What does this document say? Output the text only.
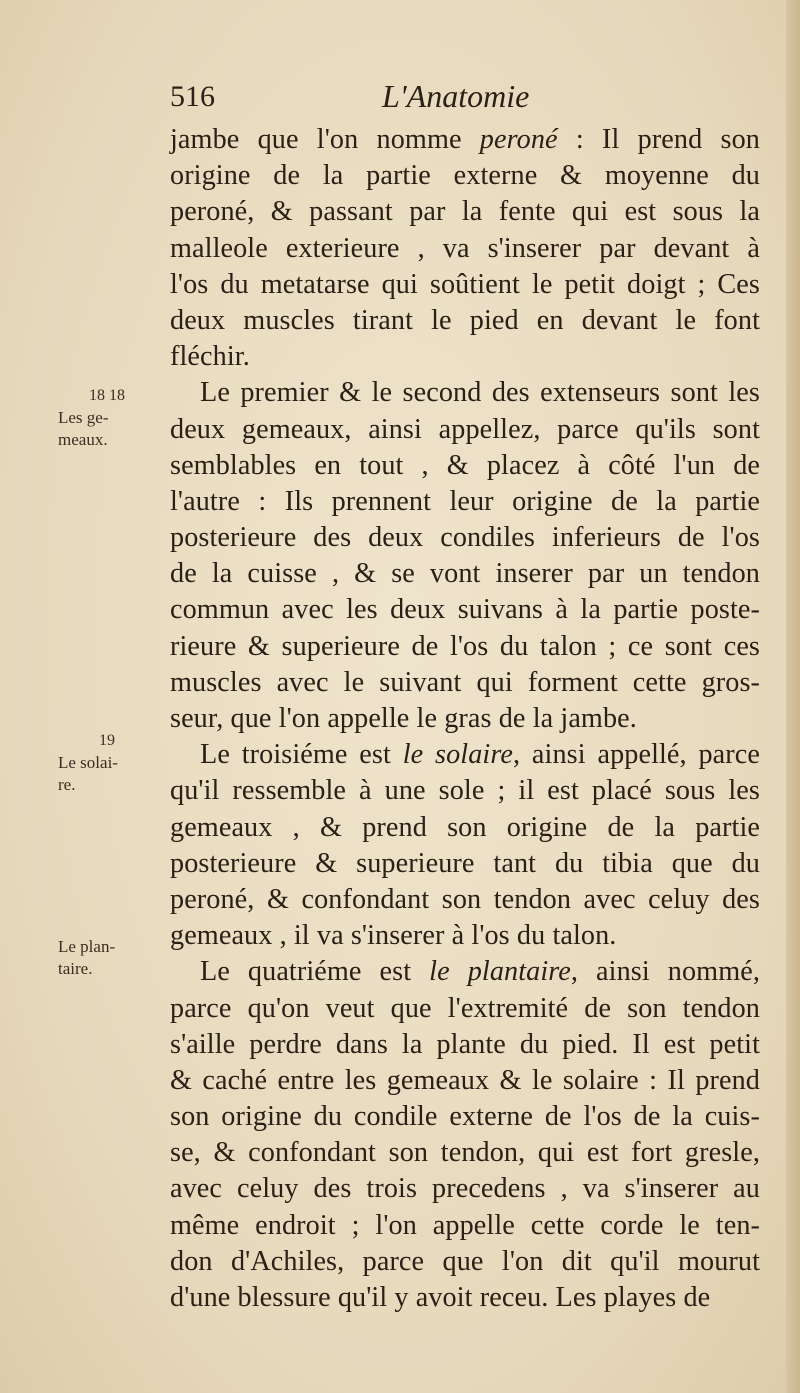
516	L'Anatomie
18 18
Les ge-
meaux.
19
Le solai-
re.
Le plan-
taire.
jambe que l'on nomme peroné : Il prend son
origine de la partie externe & moyenne du
peroné, & passant par la fente qui est sous la
malleole exterieure , va s'inserer par devant à
l'os du metatarse qui soûtient le petit doigt ; Ces
deux muscles tirant le pied en devant le font
fléchir.
Le premier & le second des extenseurs sont les
deux gemeaux, ainsi appellez, parce qu'ils sont
semblables en tout , & placez à côté l'un de
l'autre : Ils prennent leur origine de la partie
posterieure des deux condiles inferieurs de l'os
de la cuisse , & se vont inserer par un tendon
commun avec les deux suivans à la partie poste-
rieure & superieure de l'os du talon ; ce sont ces
muscles avec le suivant qui forment cette gros-
seur, que l'on appelle le gras de la jambe.
Le troisiéme est le solaire, ainsi appellé, parce
qu'il ressemble à une sole ; il est placé sous les
gemeaux , & prend son origine de la partie
posterieure & superieure tant du tibia que du
peroné, & confondant son tendon avec celuy des
gemeaux , il va s'inserer à l'os du talon.
Le quatriéme est le plantaire, ainsi nommé,
parce qu'on veut que l'extremité de son tendon
s'aille perdre dans la plante du pied. Il est petit
& caché entre les gemeaux & le solaire : Il prend
son origine du condile externe de l'os de la cuis-
se, & confondant son tendon, qui est fort gresle,
avec celuy des trois precedens , va s'inserer au
même endroit ; l'on appelle cette corde le ten-
don d'Achiles, parce que l'on dit qu'il mourut
d'une blessure qu'il y avoit receu. Les playes de
